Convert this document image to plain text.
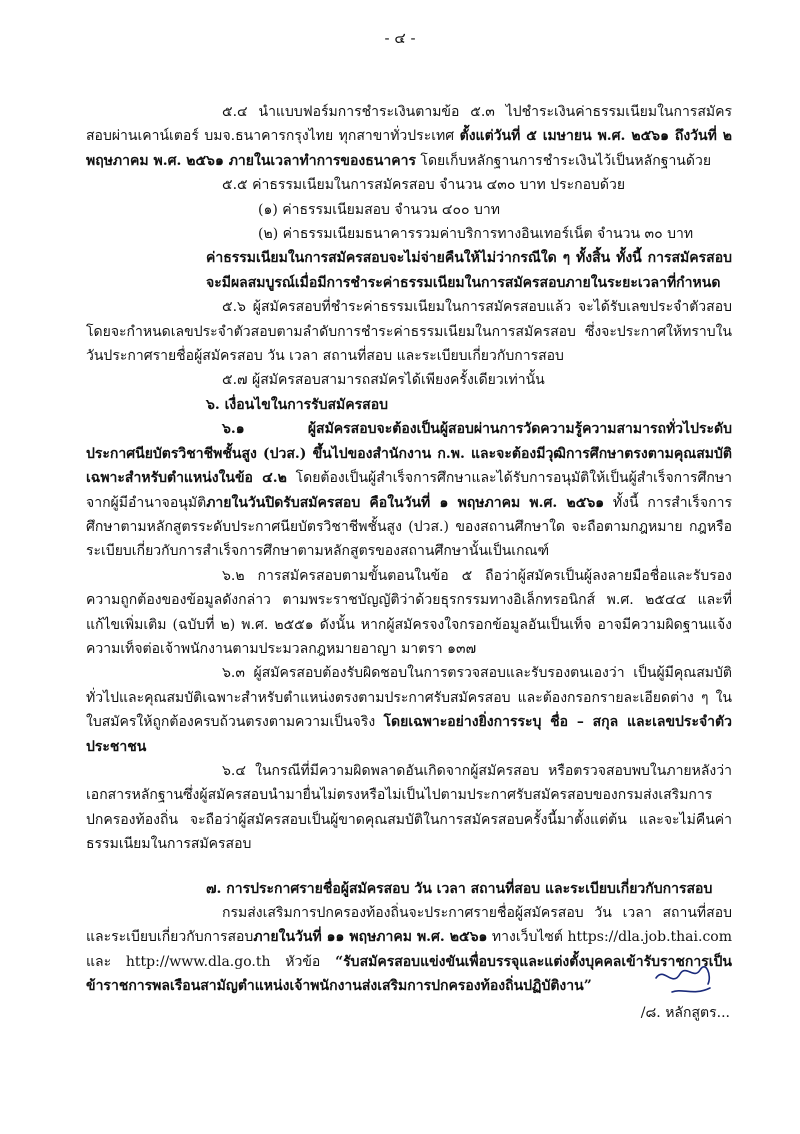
- ๔ -

๕.๔ นำแบบฟอร์มการชำระเงินตามข้อ ๕.๓ ไปชำระเงินค่าธรรมเนียมในการสมัครสอบผ่านเคาน์เตอร์ บมจ.ธนาคารกรุงไทย ทุกสาขาทั่วประเทศ ตั้งแต่วันที่ ๕ เมษายน พ.ศ. ๒๕๖๑ ถึงวันที่ ๒ พฤษภาคม พ.ศ. ๒๕๖๑ ภายในเวลาทำการของธนาคาร โดยเก็บหลักฐานการชำระเงินไว้เป็นหลักฐานด้วย

๕.๕ ค่าธรรมเนียมในการสมัครสอบ จำนวน ๔๓๐ บาท ประกอบด้วย

(๑) ค่าธรรมเนียมสอบ จำนวน ๔๐๐ บาท

(๒) ค่าธรรมเนียมธนาคารรวมค่าบริการทางอินเทอร์เน็ต จำนวน ๓๐ บาท

ค่าธรรมเนียมในการสมัครสอบจะไม่จ่ายคืนให้ไม่ว่ากรณีใด ๆ ทั้งสิ้น ทั้งนี้ การสมัครสอบจะมีผลสมบูรณ์เมื่อมีการชำระค่าธรรมเนียมในการสมัครสอบภายในระยะเวลาที่กำหนด

๕.๖ ผู้สมัครสอบที่ชำระค่าธรรมเนียมในการสมัครสอบแล้ว จะได้รับเลขประจำตัวสอบ โดยจะกำหนดเลขประจำตัวสอบตามลำดับการชำระค่าธรรมเนียมในการสมัครสอบ ซึ่งจะประกาศให้ทราบในวันประกาศรายชื่อผู้สมัครสอบ วัน เวลา สถานที่สอบ และระเบียบเกี่ยวกับการสอบ

๕.๗ ผู้สมัครสอบสามารถสมัครได้เพียงครั้งเดียวเท่านั้น

๖. เงื่อนไขในการรับสมัครสอบ

๖.๑ ผู้สมัครสอบจะต้องเป็นผู้สอบผ่านการวัดความรู้ความสามารถทั่วไประดับประกาศนียบัตรวิชาชีพชั้นสูง (ปวส.) ขึ้นไปของสำนักงาน ก.พ. และจะต้องมีวุฒิการศึกษาตรงตามคุณสมบัติเฉพาะสำหรับตำแหน่งในข้อ ๔.๒ โดยต้องเป็นผู้สำเร็จการศึกษาและได้รับการอนุมัติให้เป็นผู้สำเร็จการศึกษาจากผู้มีอำนาจอนุมัติภายในวันปิดรับสมัครสอบ คือในวันที่ ๑ พฤษภาคม พ.ศ. ๒๕๖๑ ทั้งนี้ การสำเร็จการศึกษาตามหลักสูตรระดับประกาศนียบัตรวิชาชีพชั้นสูง (ปวส.) ของสถานศึกษาใด จะถือตามกฎหมาย กฎหรือระเบียบเกี่ยวกับการสำเร็จการศึกษาตามหลักสูตรของสถานศึกษานั้นเป็นเกณฑ์

๖.๒ การสมัครสอบตามขั้นตอนในข้อ ๕ ถือว่าผู้สมัครเป็นผู้ลงลายมือชื่อและรับรองความถูกต้องของข้อมูลดังกล่าว ตามพระราชบัญญัติว่าด้วยธุรกรรมทางอิเล็กทรอนิกส์ พ.ศ. ๒๕๔๔ และที่แก้ไขเพิ่มเติม (ฉบับที่ ๒) พ.ศ. ๒๕๕๑ ดังนั้น หากผู้สมัครจงใจกรอกข้อมูลอันเป็นเท็จ อาจมีความผิดฐานแจ้งความเท็จต่อเจ้าพนักงานตามประมวลกฎหมายอาญา มาตรา ๑๓๗

๖.๓ ผู้สมัครสอบต้องรับผิดชอบในการตรวจสอบและรับรองตนเองว่า เป็นผู้มีคุณสมบัติทั่วไปและคุณสมบัติเฉพาะสำหรับตำแหน่งตรงตามประกาศรับสมัครสอบ และต้องกรอกรายละเอียดต่าง ๆ ในใบสมัครให้ถูกต้องครบถ้วนตรงตามความเป็นจริง โดยเฉพาะอย่างยิ่งการระบุ ชื่อ – สกุล และเลขประจำตัวประชาชน

๖.๔ ในกรณีที่มีความผิดพลาดอันเกิดจากผู้สมัครสอบ หรือตรวจสอบพบในภายหลังว่าเอกสารหลักฐานซึ่งผู้สมัครสอบนำมายื่นไม่ตรงหรือไม่เป็นไปตามประกาศรับสมัครสอบของกรมส่งเสริมการปกครองท้องถิ่น จะถือว่าผู้สมัครสอบเป็นผู้ขาดคุณสมบัติในการสมัครสอบครั้งนี้มาตั้งแต่ต้น และจะไม่คืนค่าธรรมเนียมในการสมัครสอบ

๗. การประกาศรายชื่อผู้สมัครสอบ วัน เวลา สถานที่สอบ และระเบียบเกี่ยวกับการสอบ

กรมส่งเสริมการปกครองท้องถิ่นจะประกาศรายชื่อผู้สมัครสอบ วัน เวลา สถานที่สอบและระเบียบเกี่ยวกับการสอบภายในวันที่ ๑๑ พฤษภาคม พ.ศ. ๒๕๖๑ ทางเว็บไซต์ https://dla.job.thai.com และ http://www.dla.go.th หัวข้อ “รับสมัครสอบแข่งขันเพื่อบรรจุและแต่งตั้งบุคคลเข้ารับราชการเป็นข้าราชการพลเรือนสามัญตำแหน่งเจ้าพนักงานส่งเสริมการปกครองท้องถิ่นปฏิบัติงาน”

/๘. หลักสูตร...
